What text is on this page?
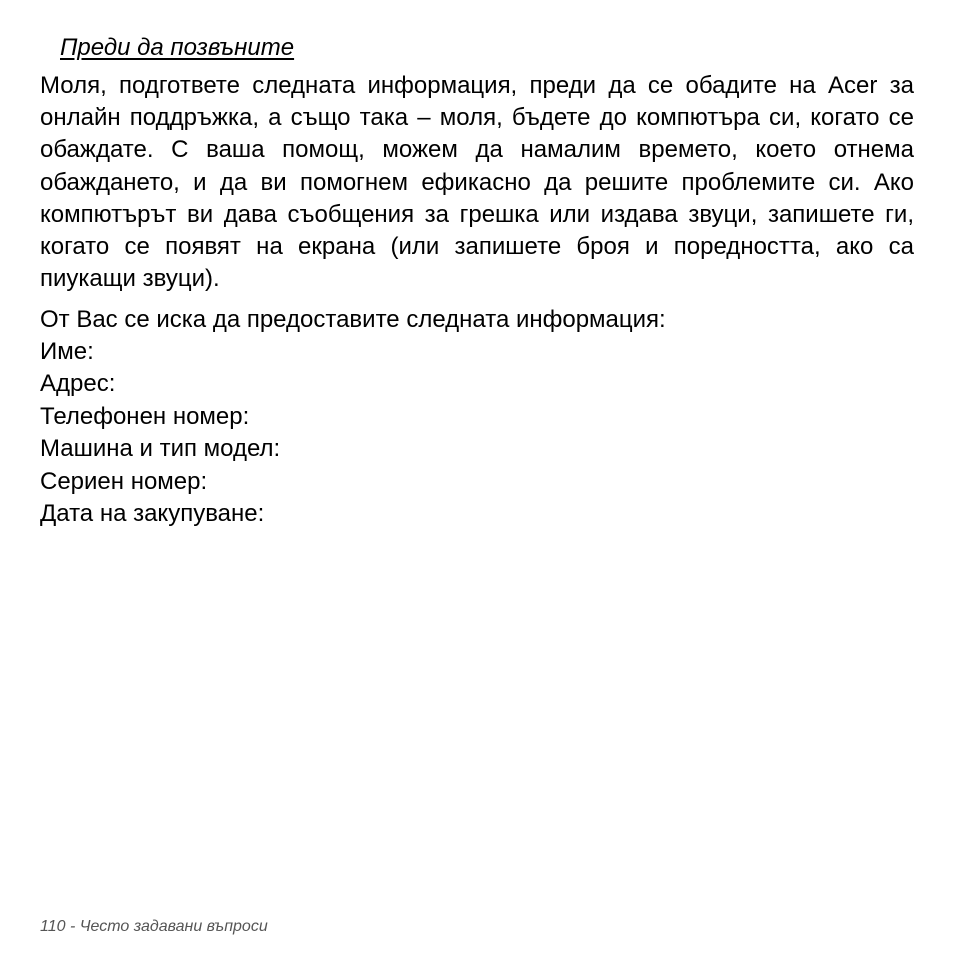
Преди да позвъните

Моля, подгответе следната информация, преди да се обадите на Acer за онлайн поддръжка, а също така – моля, бъдете до компютъра си, когато се обаждате. С ваша помощ, можем да намалим времето, което отнема обаждането, и да ви помогнем ефикасно да решите проблемите си. Ако компютърът ви дава съобщения за грешка или издава звуци, запишете ги, когато се появят на екрана (или запишете броя и поредността, ако са пиукащи звуци).

От Вас се иска да предоставите следната информация:

Име:
Адрес:
Телефонен номер:
Машина и тип модел:
Сериен номер:
Дата на закупуване:
110 - Често задавани въпроси
